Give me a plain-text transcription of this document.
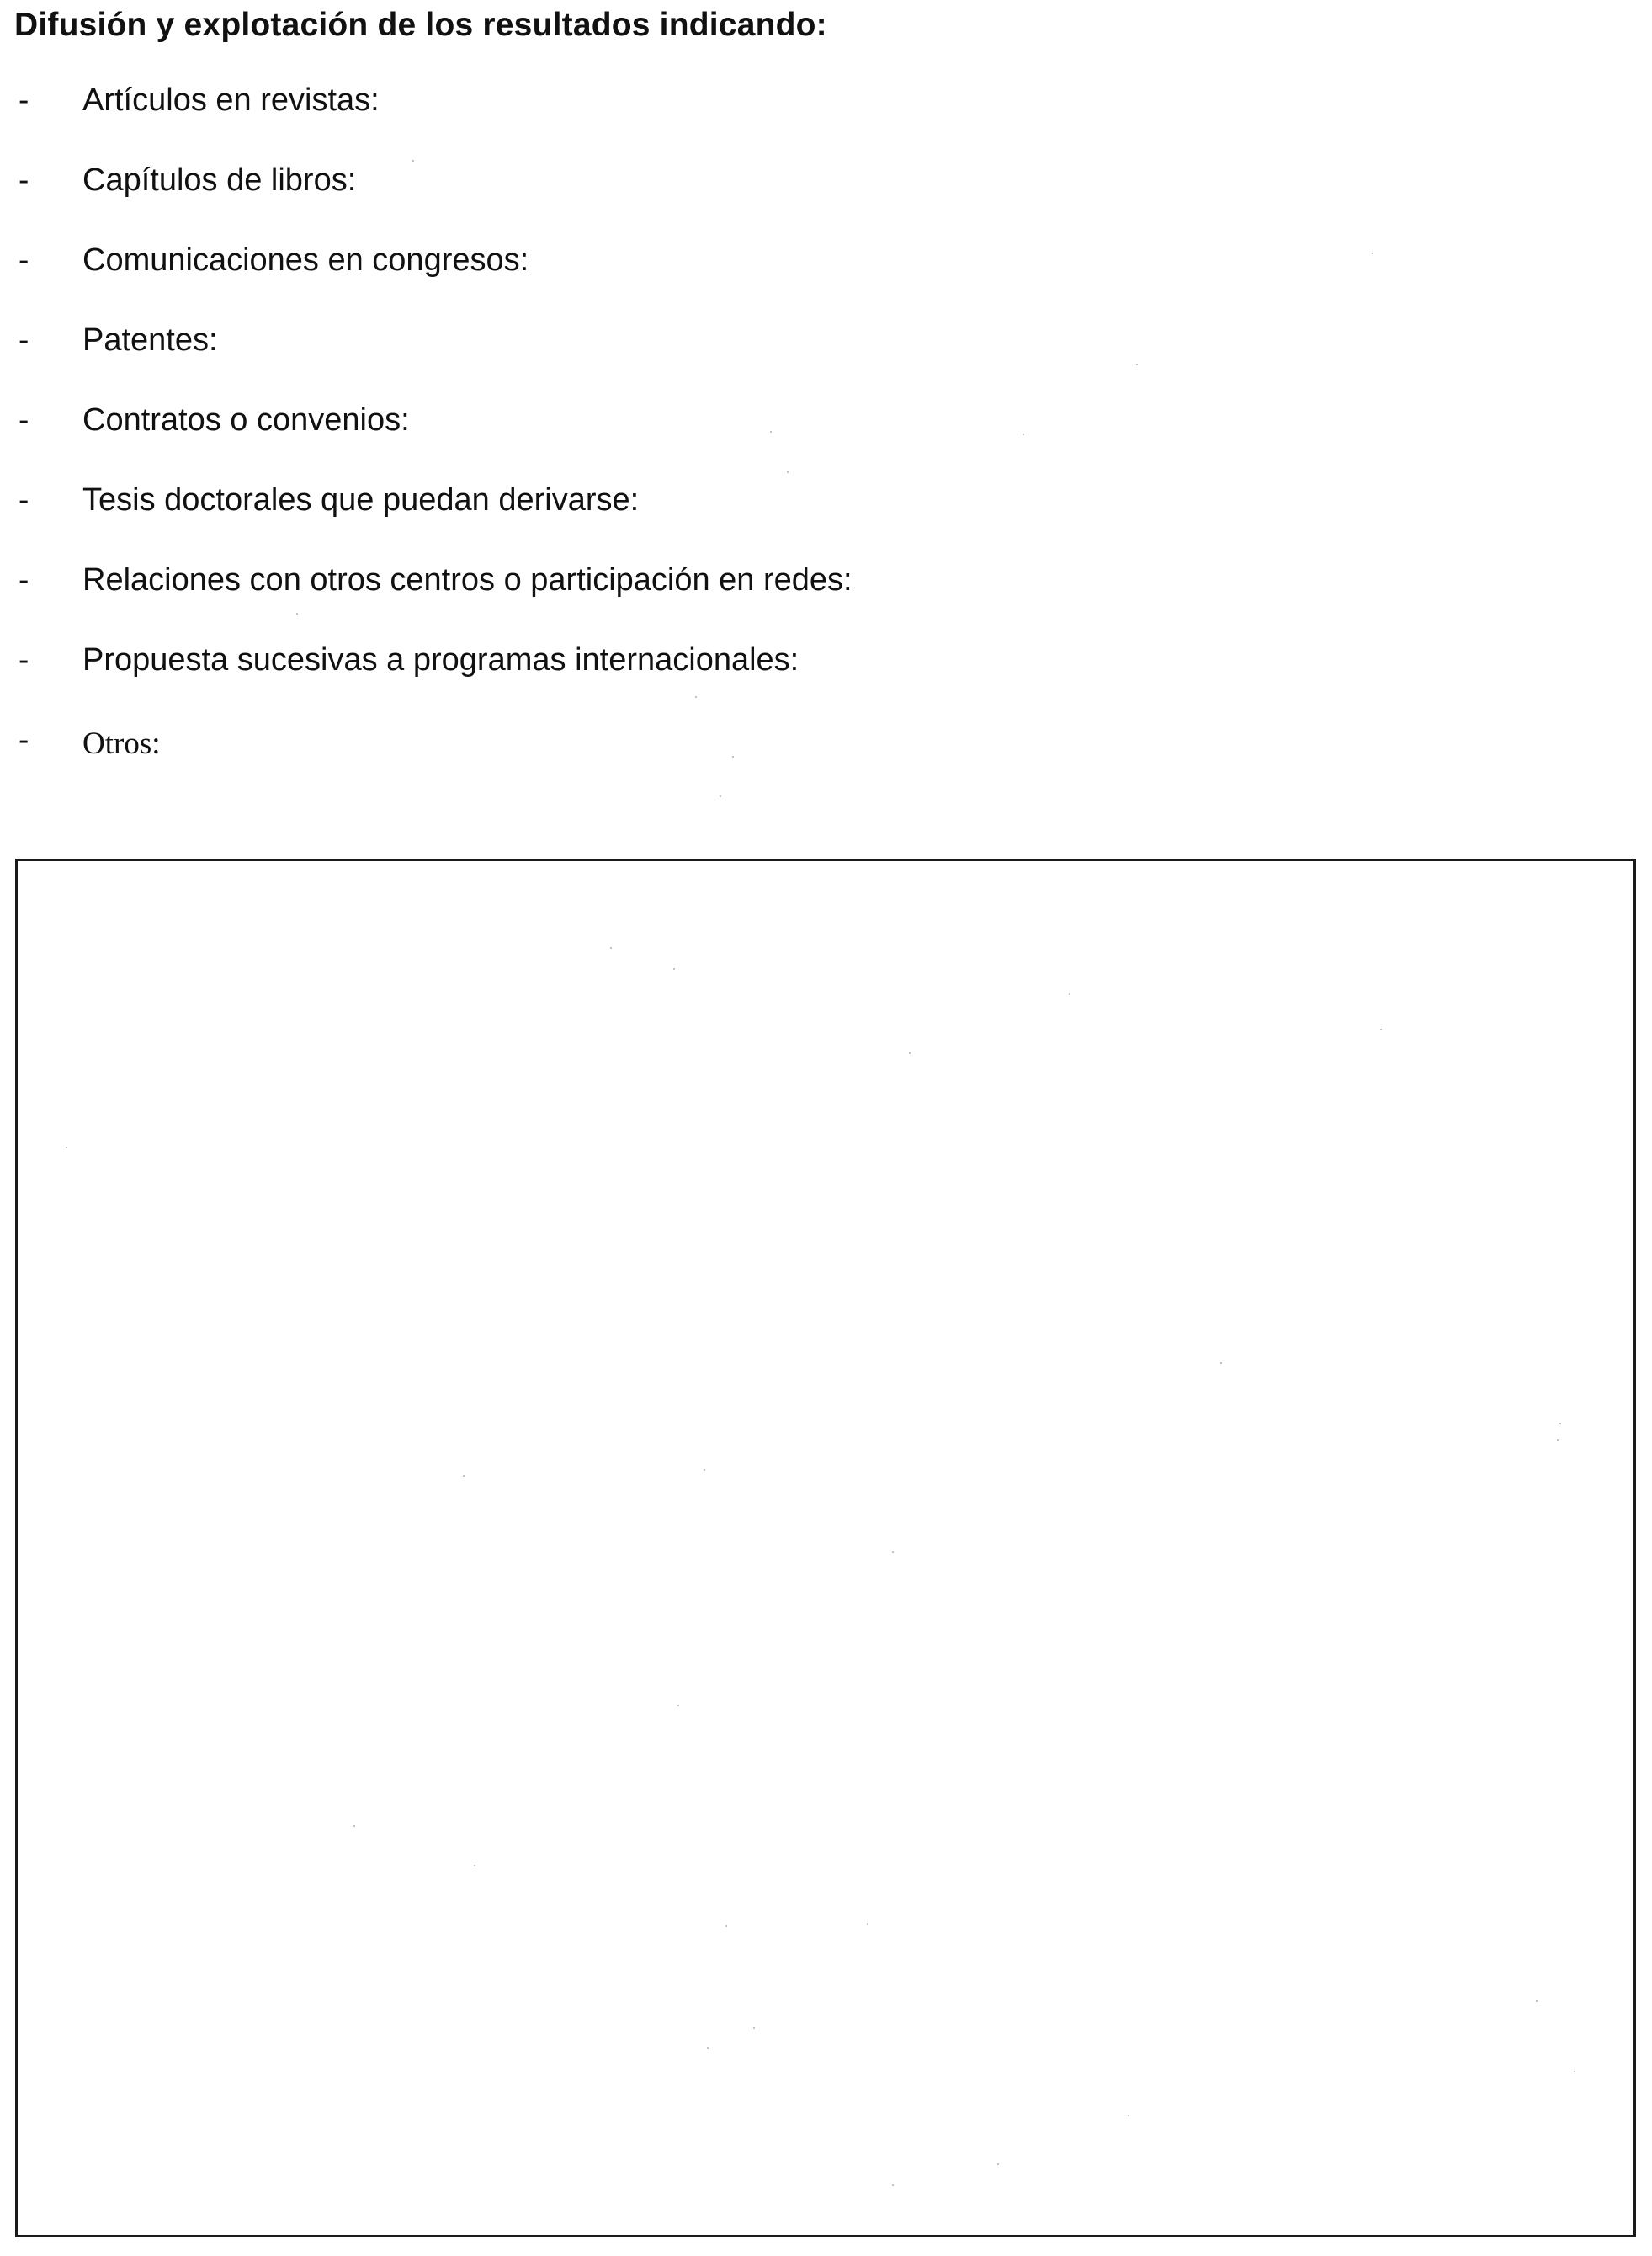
Difusión y explotación de los resultados indicando:
- Artículos en revistas:
- Capítulos de libros:
- Comunicaciones en congresos:
- Patentes:
- Contratos o convenios:
- Tesis doctorales que puedan derivarse:
- Relaciones con otros centros o participación en redes:
- Propuesta sucesivas a programas internacionales:
- Otros:
